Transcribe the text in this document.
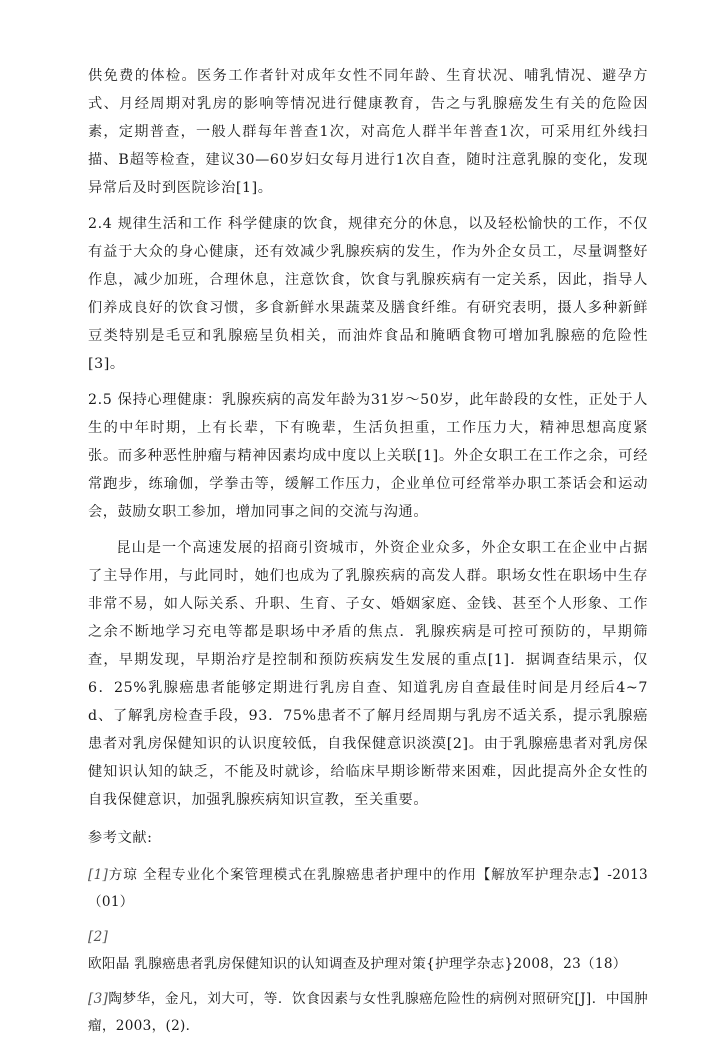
供免费的体检。医务工作者针对成年女性不同年龄、生育状况、哺乳情况、避孕方式、月经周期对乳房的影响等情况进行健康教育，告之与乳腺癌发生有关的危险因素，定期普查，一般人群每年普查1次，对高危人群半年普查1次，可采用红外线扫描、B超等检查，建议30—60岁妇女每月进行1次自查，随时注意乳腺的变化，发现异常后及时到医院诊治[1]。

2.4 规律生活和工作 科学健康的饮食，规律充分的休息，以及轻松愉快的工作，不仅有益于大众的身心健康，还有效减少乳腺疾病的发生，作为外企女员工，尽量调整好作息，减少加班，合理休息，注意饮食，饮食与乳腺疾病有一定关系，因此，指导人们养成良好的饮食习惯，多食新鲜水果蔬菜及膳食纤维。有研究表明，摄人多种新鲜豆类特别是毛豆和乳腺癌呈负相关，而油炸食品和腌晒食物可增加乳腺癌的危险性[3]。

2.5 保持心理健康：乳腺疾病的高发年龄为31岁～50岁，此年龄段的女性，正处于人生的中年时期，上有长辈，下有晚辈，生活负担重，工作压力大，精神思想高度紧张。而多种恶性肿瘤与精神因素均成中度以上关联[1]。外企女职工在工作之余，可经常跑步，练瑜伽，学拳击等，缓解工作压力，企业单位可经常举办职工茶话会和运动会，鼓励女职工参加，增加同事之间的交流与沟通。

昆山是一个高速发展的招商引资城市，外资企业众多，外企女职工在企业中占据了主导作用，与此同时，她们也成为了乳腺疾病的高发人群。职场女性在职场中生存非常不易，如人际关系、升职、生育、子女、婚姻家庭、金钱、甚至个人形象、工作之余不断地学习充电等都是职场中矛盾的焦点．乳腺疾病是可控可预防的，早期筛查，早期发现，早期治疗是控制和预防疾病发生发展的重点[1]．据调查结果示，仅6．25%乳腺癌患者能够定期进行乳房自查、知道乳房自查最佳时间是月经后4~7 d、了解乳房检查手段，93．75%患者不了解月经周期与乳房不适关系，提示乳腺癌患者对乳房保健知识的认识度较低，自我保健意识淡漠[2]。由于乳腺癌患者对乳房保健知识认知的缺乏，不能及时就诊，给临床早期诊断带来困难，因此提高外企女性的自我保健意识，加强乳腺疾病知识宣教，至关重要。

参考文献:

[1]方琼 全程专业化个案管理模式在乳腺癌患者护理中的作用【解放军护理杂志】-2013（01）

[2] 欧阳晶 乳腺癌患者乳房保健知识的认知调查及护理对策{护理学杂志}2008，23（18）

[3]陶梦华，金凡，刘大可，等．饮食因素与女性乳腺癌危险性的病例对照研究[J]．中国肿瘤，2003，(2)．
